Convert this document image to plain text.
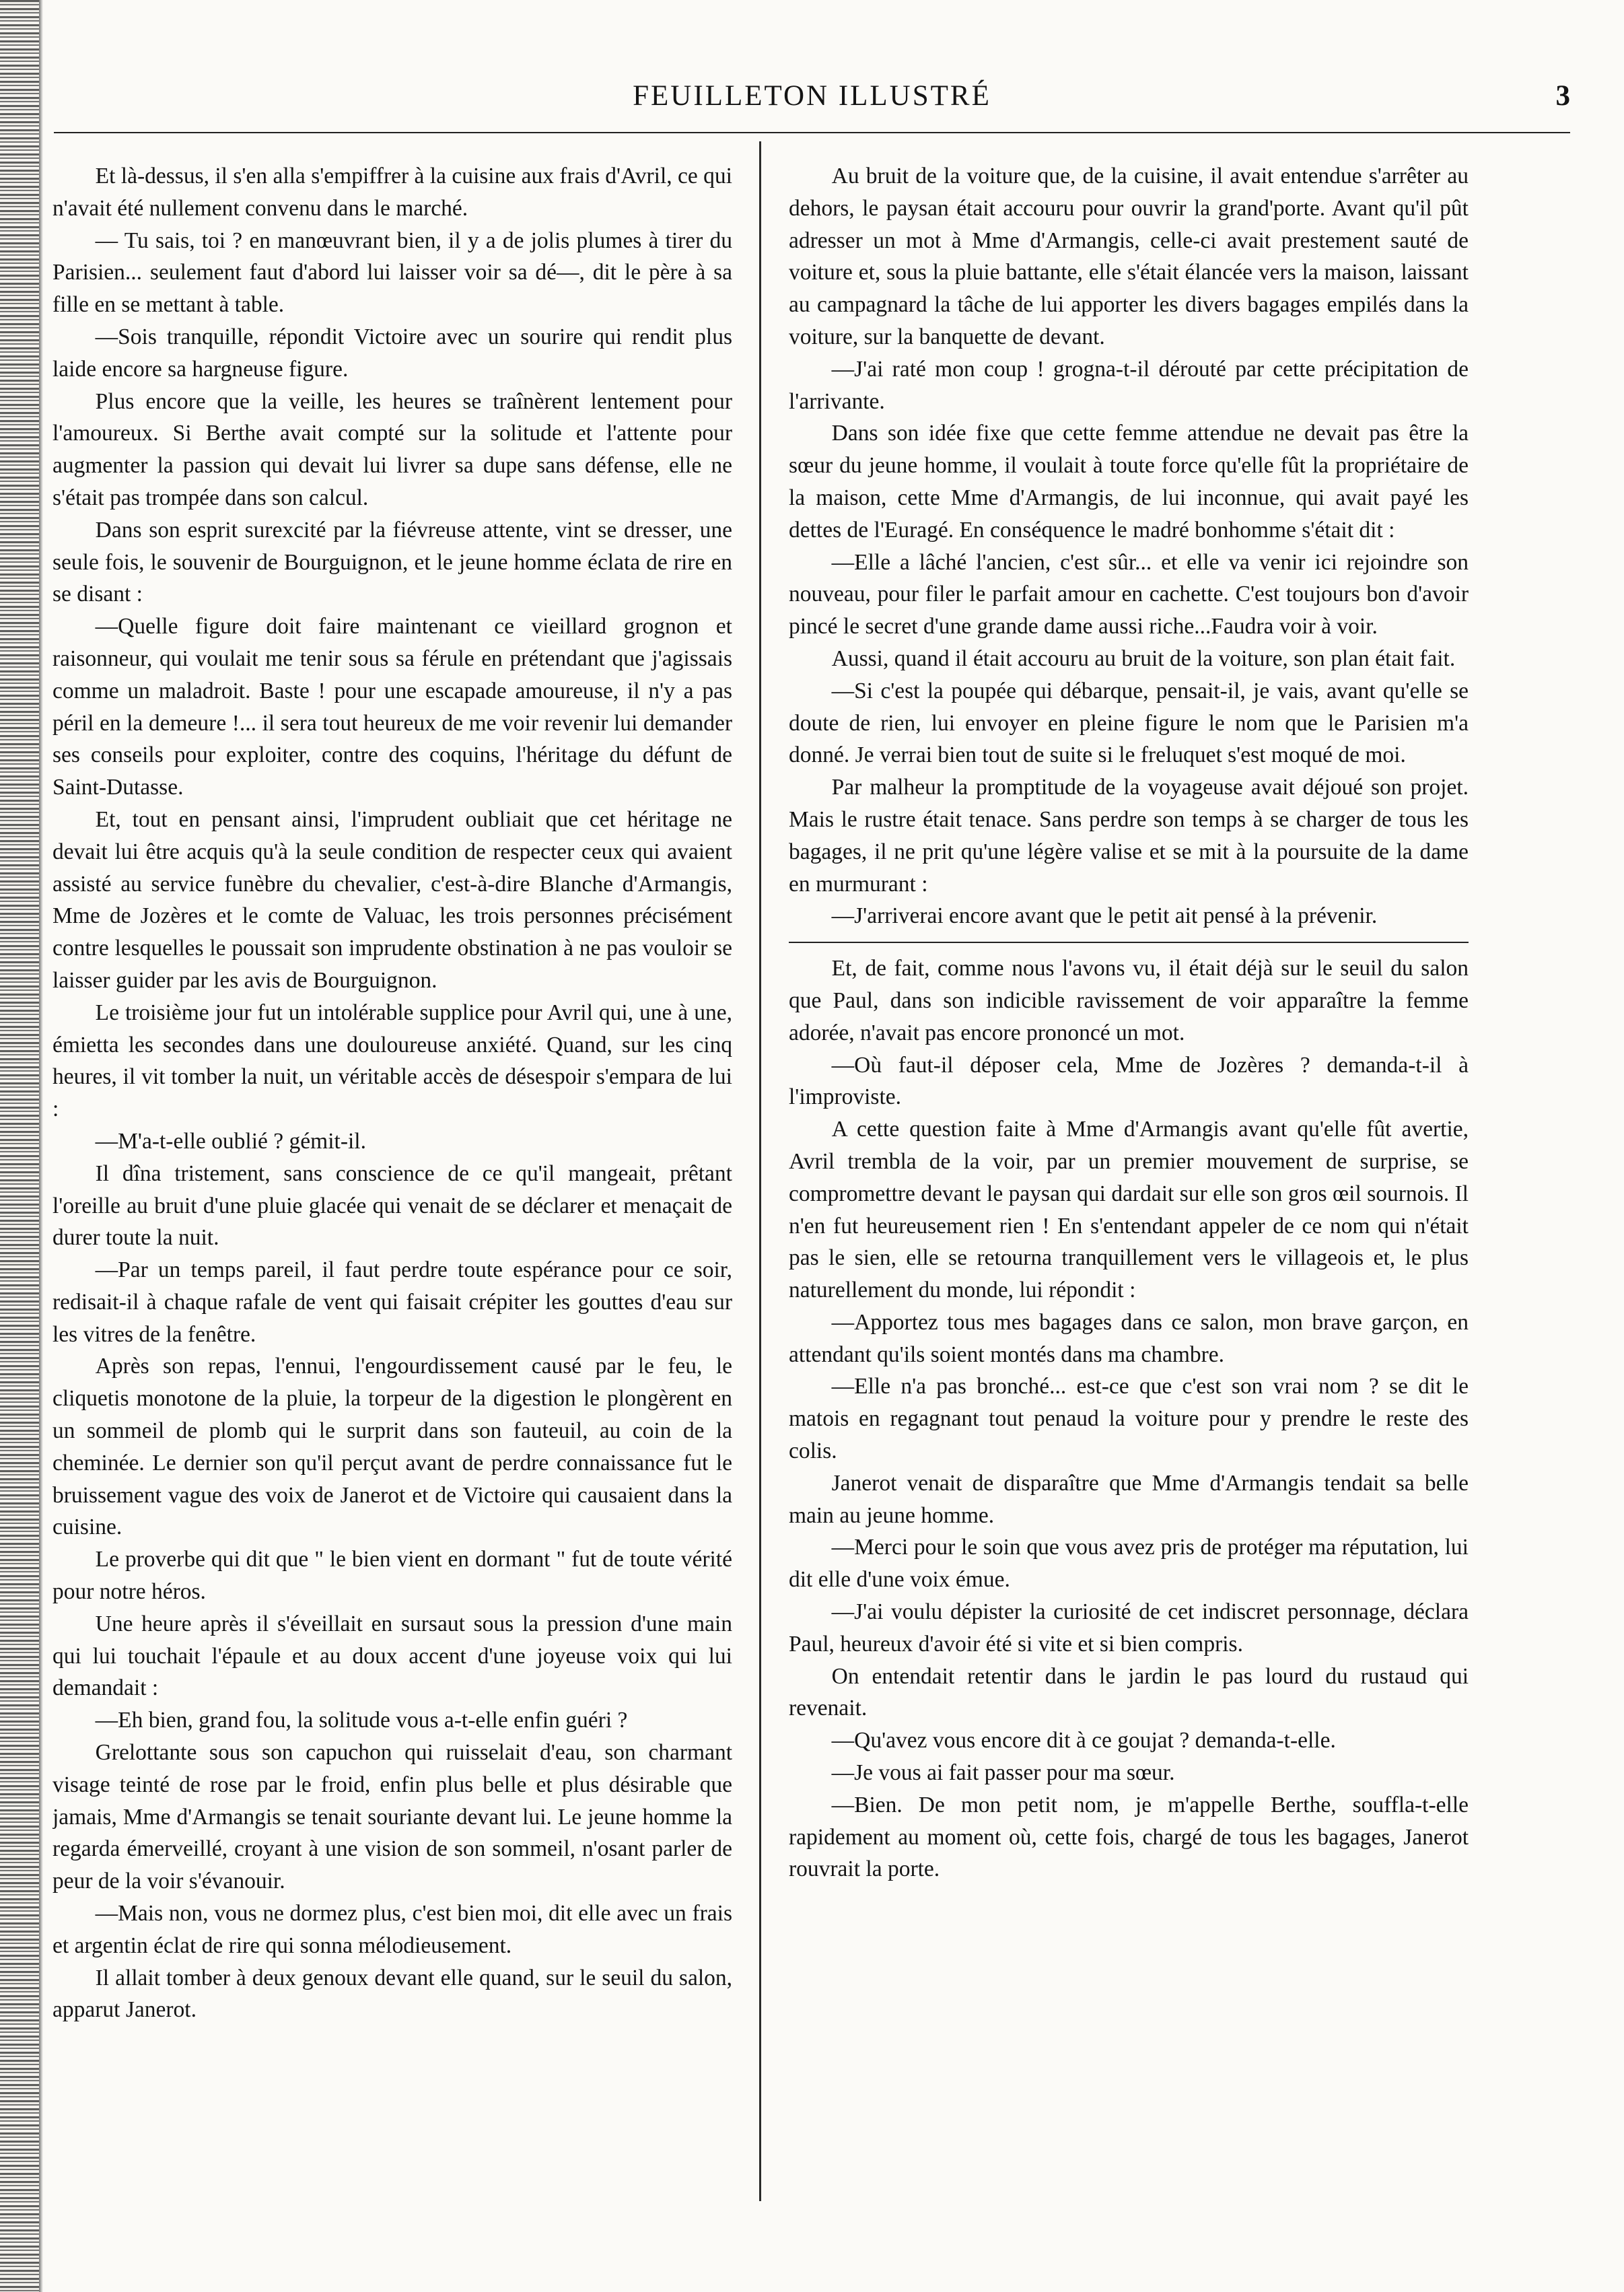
FEUILLETON ILLUSTRÉ	3

Et là-dessus, il s'en alla s'empiffrer à la cuisine aux frais d'Avril, ce qui n'avait été nullement convenu dans le marché.

— Tu sais, toi ? en manœuvrant bien, il y a de jolis plumes à tirer du Parisien... seulement faut d'abord lui laisser voir sa dé—, dit le père à sa fille en se mettant à table.

—Sois tranquille, répondit Victoire avec un sourire qui rendit plus laide encore sa hargneuse figure.

Plus encore que la veille, les heures se traînèrent lentement pour l'amoureux. Si Berthe avait compté sur la solitude et l'attente pour augmenter la passion qui devait lui livrer sa dupe sans défense, elle ne s'était pas trompée dans son calcul.

Dans son esprit surexcité par la fiévreuse attente, vint se dresser, une seule fois, le souvenir de Bourguignon, et le jeune homme éclata de rire en se disant :

—Quelle figure doit faire maintenant ce vieillard grognon et raisonneur, qui voulait me tenir sous sa férule en prétendant que j'agissais comme un maladroit. Baste ! pour une escapade amoureuse, il n'y a pas péril en la demeure !... il sera tout heureux de me voir revenir lui demander ses conseils pour exploiter, contre des coquins, l'héritage du défunt de Saint-Dutasse.

Et, tout en pensant ainsi, l'imprudent oubliait que cet héritage ne devait lui être acquis qu'à la seule condition de respecter ceux qui avaient assisté au service funèbre du chevalier, c'est-à-dire Blanche d'Armangis, Mme de Jozères et le comte de Valuac, les trois personnes précisément contre lesquelles le poussait son imprudente obstination à ne pas vouloir se laisser guider par les avis de Bourguignon.

Le troisième jour fut un intolérable supplice pour Avril qui, une à une, émietta les secondes dans une douloureuse anxiété. Quand, sur les cinq heures, il vit tomber la nuit, un véritable accès de désespoir s'empara de lui :

—M'a-t-elle oublié ? gémit-il.

Il dîna tristement, sans conscience de ce qu'il mangeait, prêtant l'oreille au bruit d'une pluie glacée qui venait de se déclarer et menaçait de durer toute la nuit.

—Par un temps pareil, il faut perdre toute espérance pour ce soir, redisait-il à chaque rafale de vent qui faisait crépiter les gouttes d'eau sur les vitres de la fenêtre.

Après son repas, l'ennui, l'engourdissement causé par le feu, le cliquetis monotone de la pluie, la torpeur de la digestion le plongèrent en un sommeil de plomb qui le surprit dans son fauteuil, au coin de la cheminée. Le dernier son qu'il perçut avant de perdre connaissance fut le bruissement vague des voix de Janerot et de Victoire qui causaient dans la cuisine.

Le proverbe qui dit que " le bien vient en dormant " fut de toute vérité pour notre héros.

Une heure après il s'éveillait en sursaut sous la pression d'une main qui lui touchait l'épaule et au doux accent d'une joyeuse voix qui lui demandait :

—Eh bien, grand fou, la solitude vous a-t-elle enfin guéri ?

Grelottante sous son capuchon qui ruisselait d'eau, son charmant visage teinté de rose par le froid, enfin plus belle et plus désirable que jamais, Mme d'Armangis se tenait souriante devant lui. Le jeune homme la regarda émerveillé, croyant à une vision de son sommeil, n'osant parler de peur de la voir s'évanouir.

—Mais non, vous ne dormez plus, c'est bien moi, dit elle avec un frais et argentin éclat de rire qui sonna mélodieusement.

Il allait tomber à deux genoux devant elle quand, sur le seuil du salon, apparut Janerot.

Au bruit de la voiture que, de la cuisine, il avait entendue s'arrêter au dehors, le paysan était accouru pour ouvrir la grand'porte. Avant qu'il pût adresser un mot à Mme d'Armangis, celle-ci avait prestement sauté de voiture et, sous la pluie battante, elle s'était élancée vers la maison, laissant au campagnard la tâche de lui apporter les divers bagages empilés dans la voiture, sur la banquette de devant.

—J'ai raté mon coup ! grogna-t-il dérouté par cette précipitation de l'arrivante.

Dans son idée fixe que cette femme attendue ne devait pas être la sœur du jeune homme, il voulait à toute force qu'elle fût la propriétaire de la maison, cette Mme d'Armangis, de lui inconnue, qui avait payé les dettes de l'Euragé. En conséquence le madré bonhomme s'était dit :

—Elle a lâché l'ancien, c'est sûr... et elle va venir ici rejoindre son nouveau, pour filer le parfait amour en cachette. C'est toujours bon d'avoir pincé le secret d'une grande dame aussi riche...Faudra voir à voir.

Aussi, quand il était accouru au bruit de la voiture, son plan était fait.

—Si c'est la poupée qui débarque, pensait-il, je vais, avant qu'elle se doute de rien, lui envoyer en pleine figure le nom que le Parisien m'a donné. Je verrai bien tout de suite si le freluquet s'est moqué de moi.

Par malheur la promptitude de la voyageuse avait déjoué son projet. Mais le rustre était tenace. Sans perdre son temps à se charger de tous les bagages, il ne prit qu'une légère valise et se mit à la poursuite de la dame en murmurant :

—J'arriverai encore avant que le petit ait pensé à la prévenir.

Et, de fait, comme nous l'avons vu, il était déjà sur le seuil du salon que Paul, dans son indicible ravissement de voir apparaître la femme adorée, n'avait pas encore prononcé un mot.

—Où faut-il déposer cela, Mme de Jozères ? demanda-t-il à l'improviste.

A cette question faite à Mme d'Armangis avant qu'elle fût avertie, Avril trembla de la voir, par un premier mouvement de surprise, se compromettre devant le paysan qui dardait sur elle son gros œil sournois. Il n'en fut heureusement rien ! En s'entendant appeler de ce nom qui n'était pas le sien, elle se retourna tranquillement vers le villageois et, le plus naturellement du monde, lui répondit :

—Apportez tous mes bagages dans ce salon, mon brave garçon, en attendant qu'ils soient montés dans ma chambre.

—Elle n'a pas bronché... est-ce que c'est son vrai nom ? se dit le matois en regagnant tout penaud la voiture pour y prendre le reste des colis.

Janerot venait de disparaître que Mme d'Armangis tendait sa belle main au jeune homme.

—Merci pour le soin que vous avez pris de protéger ma réputation, lui dit elle d'une voix émue.

—J'ai voulu dépister la curiosité de cet indiscret personnage, déclara Paul, heureux d'avoir été si vite et si bien compris.

On entendait retentir dans le jardin le pas lourd du rustaud qui revenait.

—Qu'avez vous encore dit à ce goujat ? demanda-t-elle.

—Je vous ai fait passer pour ma sœur.

—Bien. De mon petit nom, je m'appelle Berthe, souffla-t-elle rapidement au moment où, cette fois, chargé de tous les bagages, Janerot rouvrait la porte.
